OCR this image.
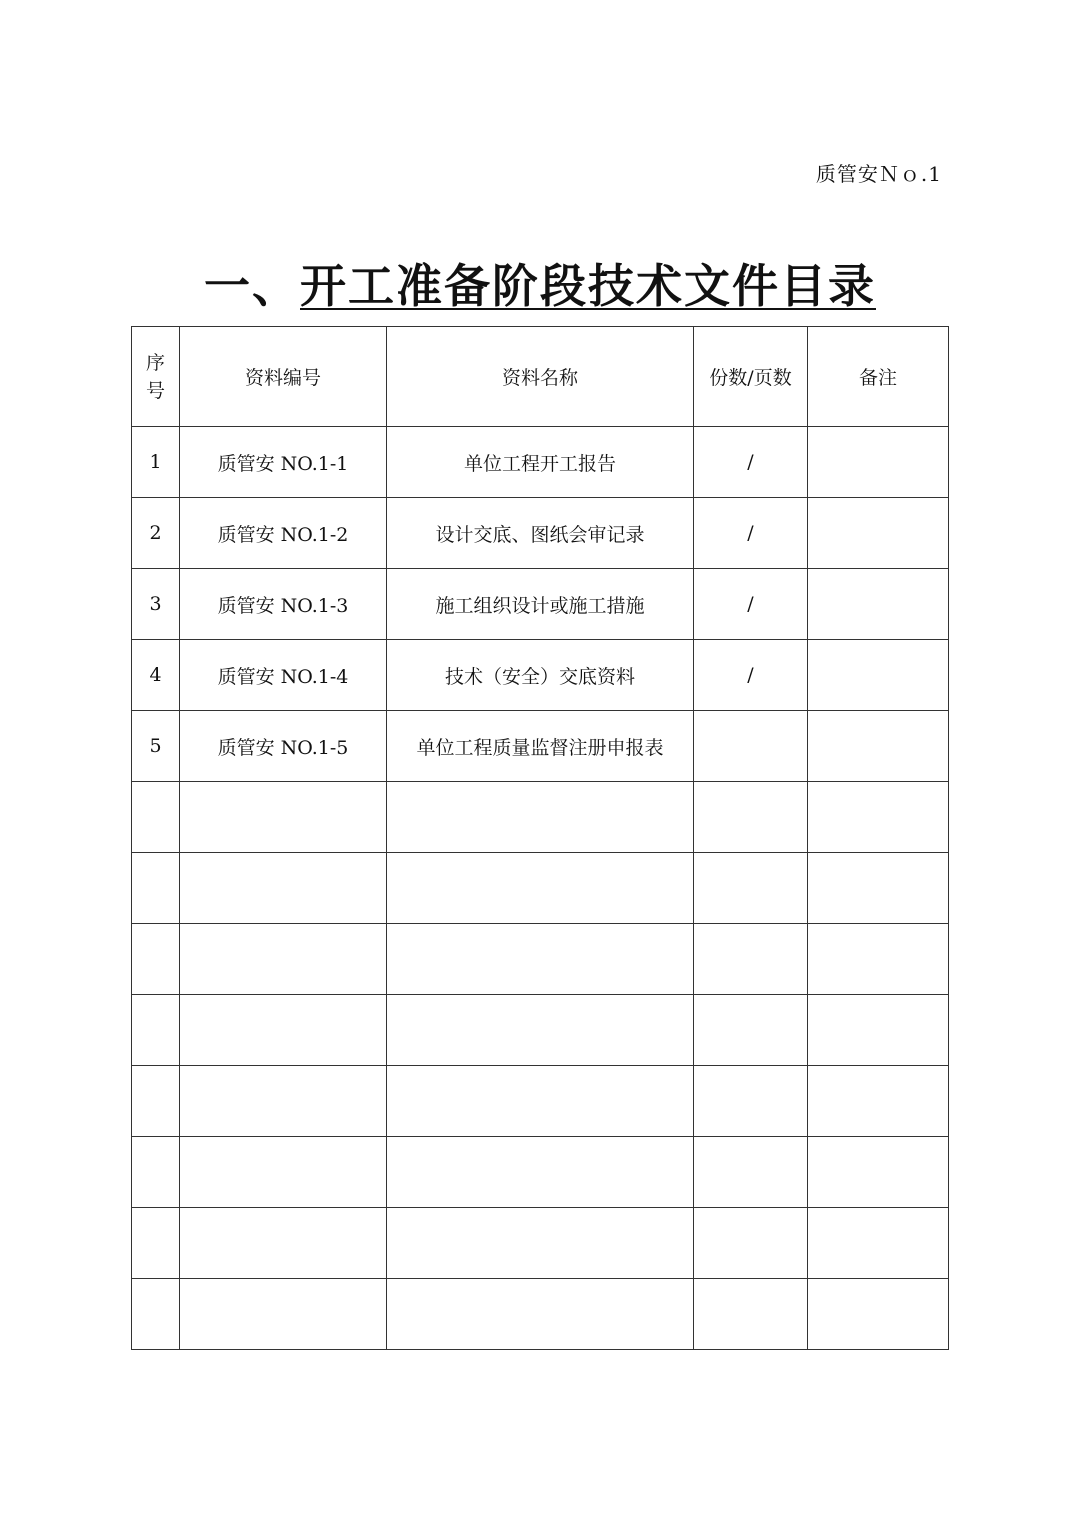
质管安Ｎｏ.1
一、开工准备阶段技术文件目录
序
号	资料编号	资料名称	份数/页数	备注
1	质管安 NO.1-1	单位工程开工报告	/	
2	质管安 NO.1-2	设计交底、图纸会审记录	/	
3	质管安 NO.1-3	施工组织设计或施工措施	/	
4	质管安 NO.1-4	技术（安全）交底资料	/	
5	质管安 NO.1-5	单位工程质量监督注册申报表		
